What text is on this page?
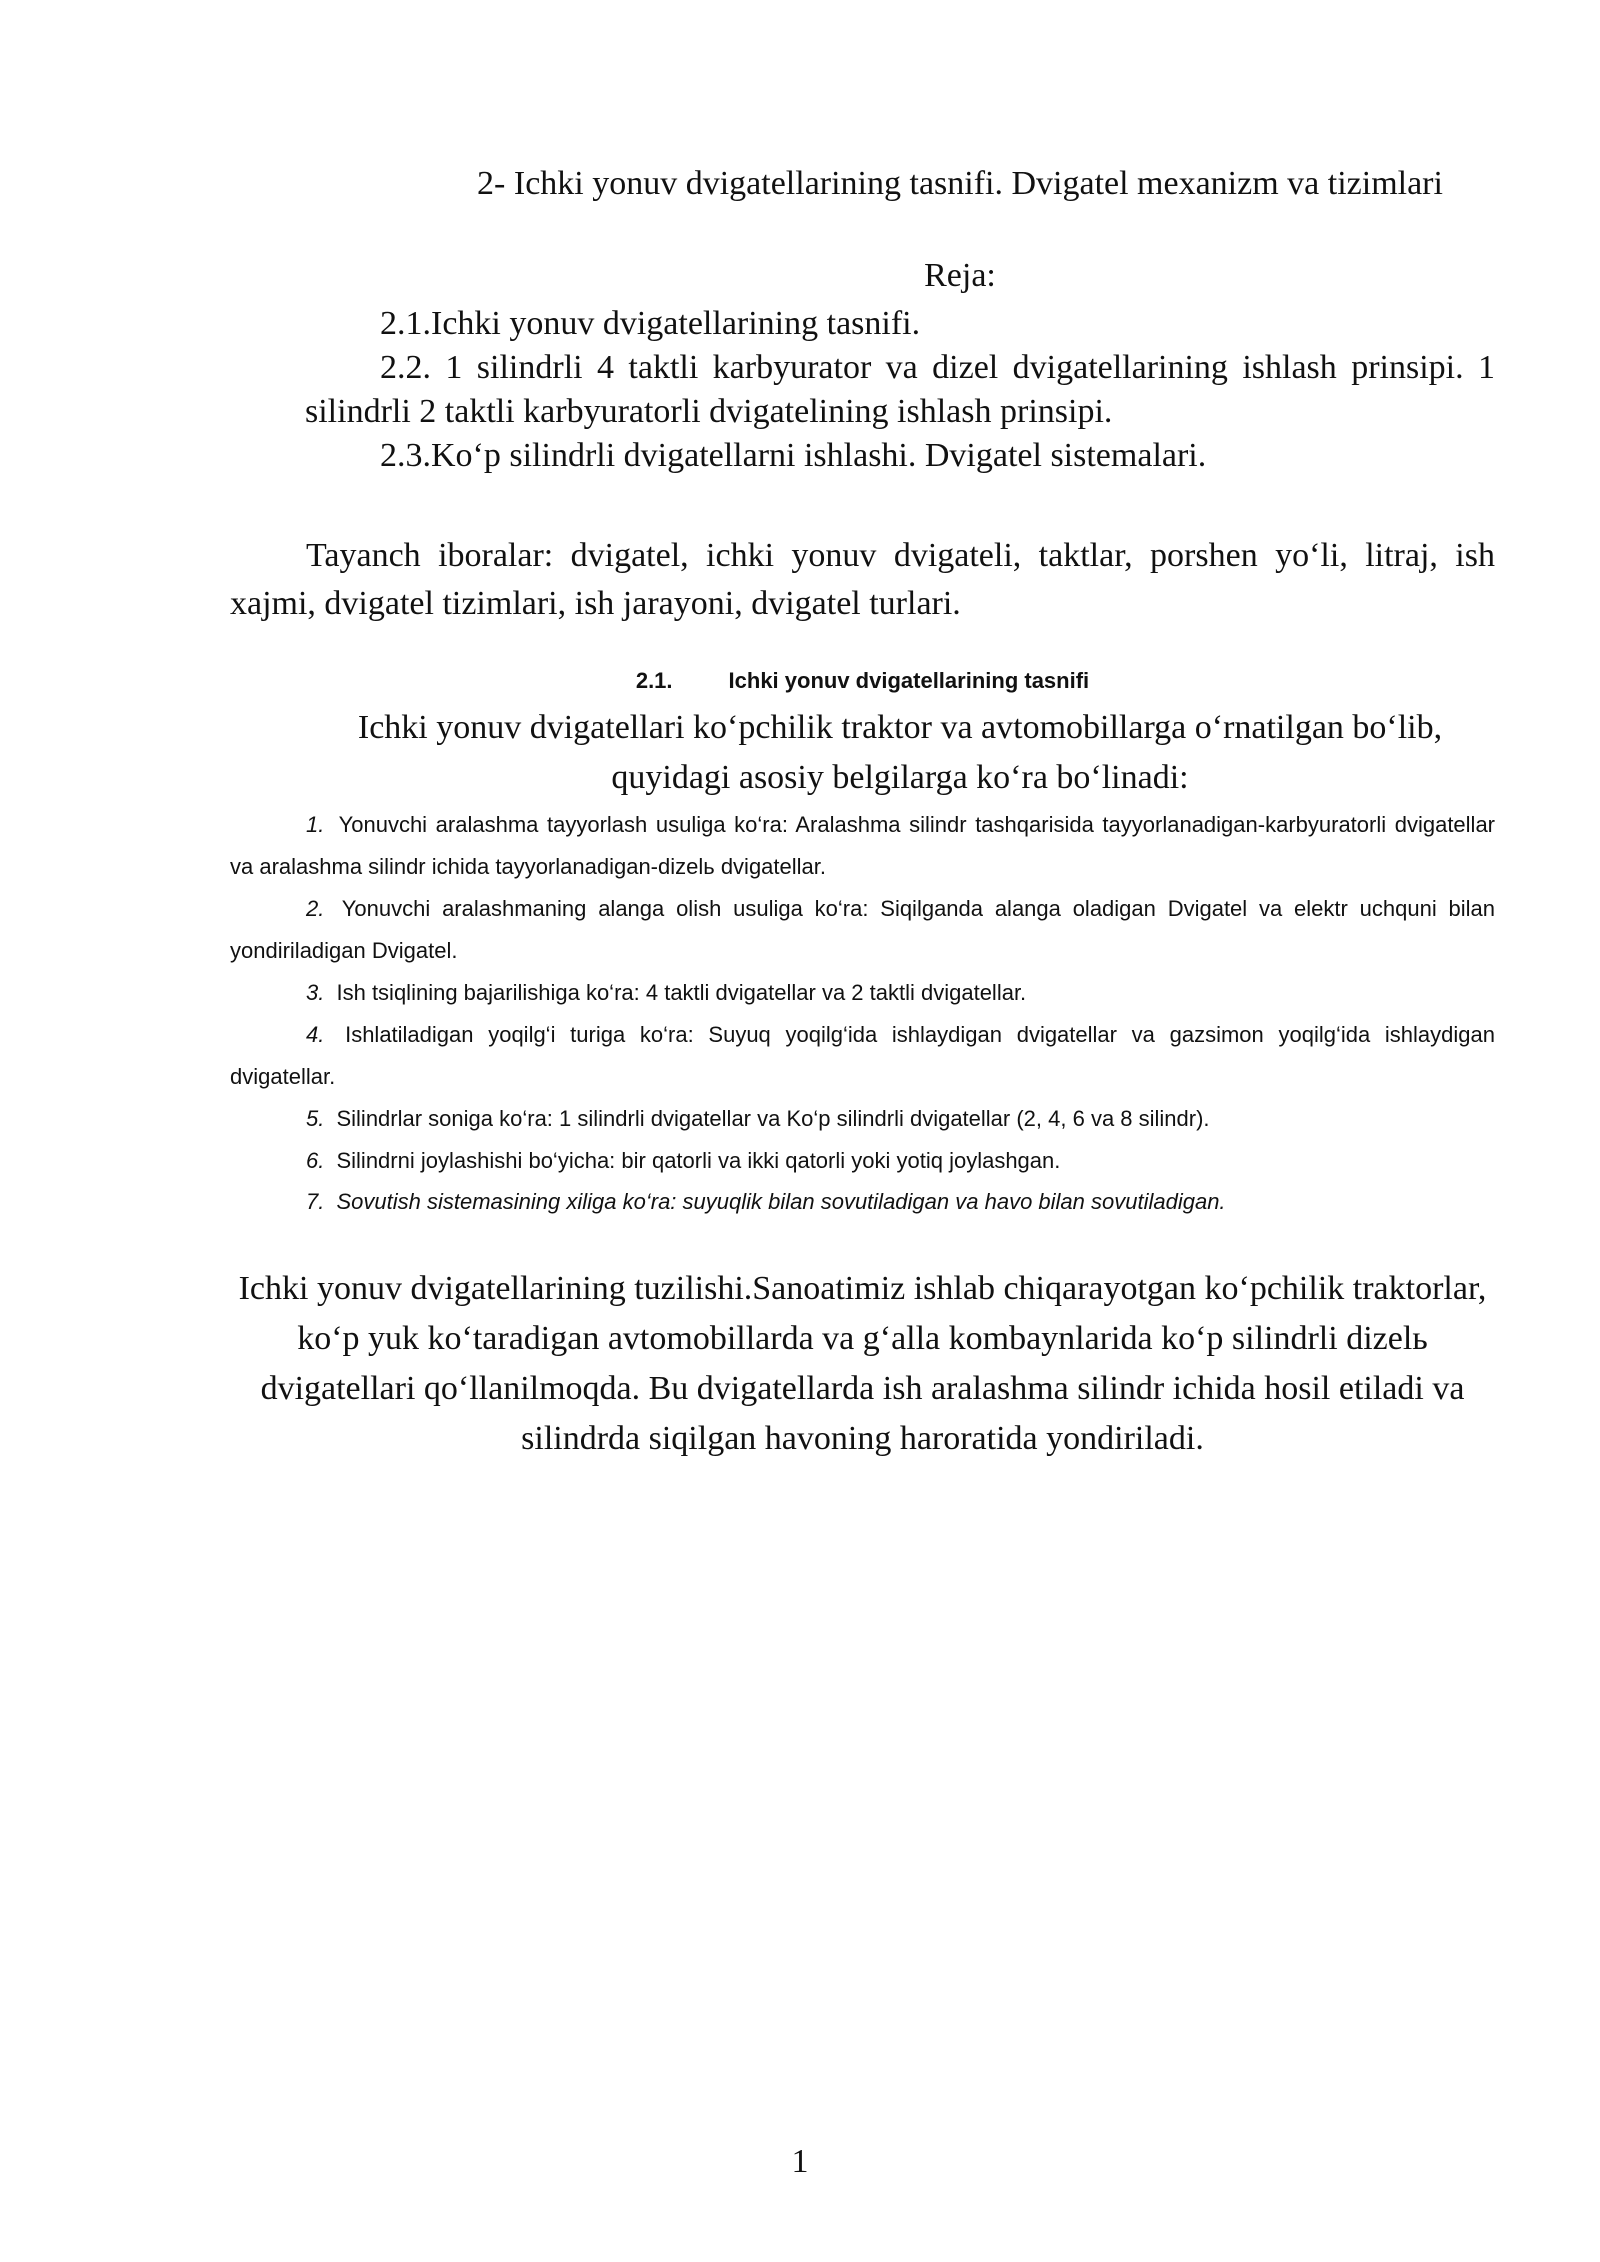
2- Ichki yonuv dvigatellarining tasnifi. Dvigatel mexanizm va tizimlari

Reja:

2.1.Ichki yonuv dvigatellarining tasnifi.

2.2. 1 silindrli 4 taktli karbyurator va dizel dvigatellarining ishlash prinsipi. 1 silindrli 2 taktli karbyuratorli dvigatelining ishlash prinsipi.

2.3.Ko‘p silindrli dvigatellarni ishlashi. Dvigatel sistemalari.

Tayanch iboralar: dvigatel, ichki yonuv dvigateli, taktlar, porshen yo‘li, litraj, ish xajmi, dvigatel tizimlari, ish jarayoni, dvigatel turlari.

2.1.	Ichki yonuv dvigatellarining tasnifi

Ichki yonuv dvigatellari ko‘pchilik traktor va avtomobillarga o‘rnatilgan bo‘lib, quyidagi asosiy belgilarga ko‘ra bo‘linadi:

1. Yonuvchi aralashma tayyorlash usuliga ko‘ra: Aralashma silindr tashqarisida tayyorlanadigan-karbyuratorli dvigatellar va aralashma silindr ichida tayyorlanadigan-dizelь dvigatellar.
2. Yonuvchi aralashmaning alanga olish usuliga ko‘ra: Siqilganda alanga oladigan Dvigatel va elektr uchquni bilan yondiriladigan Dvigatel.
3. Ish tsiqlining bajarilishiga ko‘ra: 4 taktli dvigatellar va 2 taktli dvigatellar.
4. Ishlatiladigan yoqilg‘i turiga ko‘ra: Suyuq yoqilg‘ida ishlaydigan dvigatellar va gazsimon yoqilg‘ida ishlaydigan dvigatellar.
5. Silindrlar soniga ko‘ra: 1 silindrli dvigatellar va Ko‘p silindrli dvigatellar (2, 4, 6 va 8 silindr).
6. Silindrni joylashishi bo‘yicha: bir qatorli va ikki qatorli yoki yotiq joylashgan.
7. Sovutish sistemasining xiliga ko‘ra: suyuqlik bilan sovutiladigan va havo bilan sovutiladigan.

Ichki yonuv dvigatellarining tuzilishi.Sanoatimiz ishlab chiqarayotgan ko‘pchilik traktorlar, ko‘p yuk ko‘taradigan avtomobillarda va g‘alla kombaynlarida ko‘p silindrli dizelь dvigatellari qo‘llanilmoqda. Bu dvigatellarda ish aralashma silindr ichida hosil etiladi va silindrda siqilgan havoning haroratida yondiriladi.

1
